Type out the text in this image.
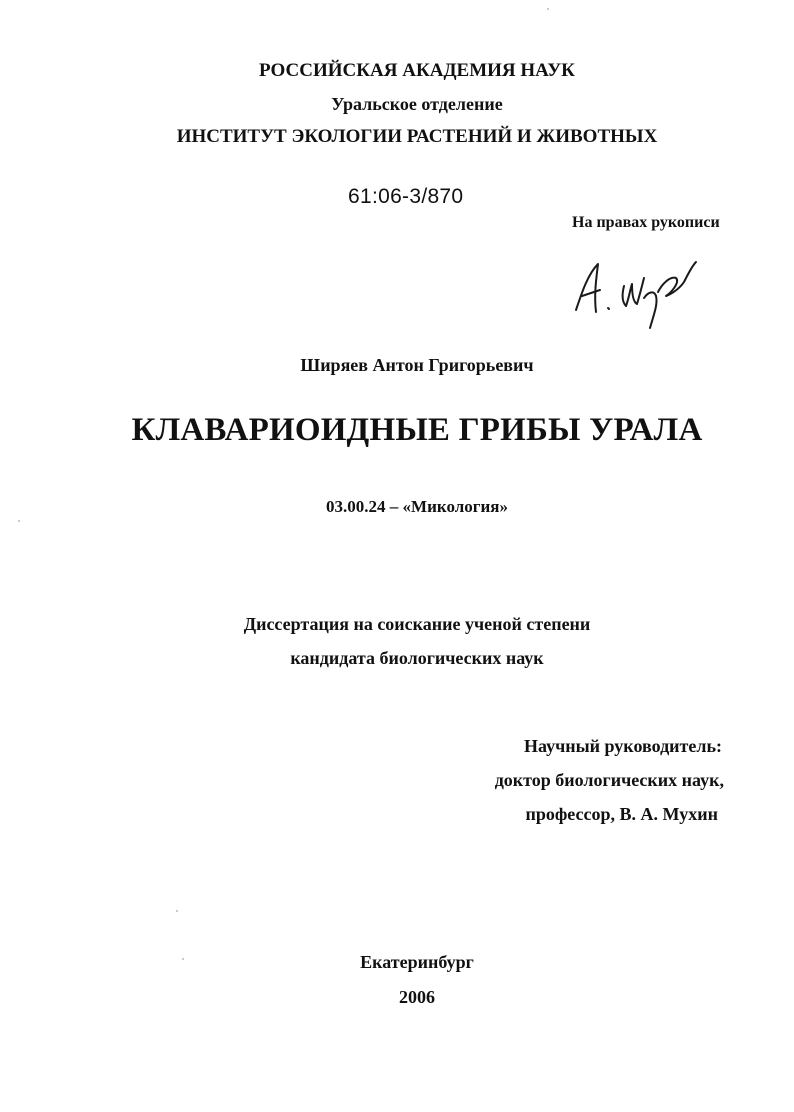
РОССИЙСКАЯ АКАДЕМИЯ НАУК
Уральское отделение
ИНСТИТУТ ЭКОЛОГИИ РАСТЕНИЙ И ЖИВОТНЫХ
61:06-3/870
На правах рукописи
Ширяев Антон Григорьевич
КЛАВАРИОИДНЫЕ ГРИБЫ УРАЛА
03.00.24 – «Микология»
Диссертация на соискание ученой степени
кандидата биологических наук
Научный руководитель:
доктор биологических наук,
профессор, В. А. Мухин
Екатеринбург
2006
